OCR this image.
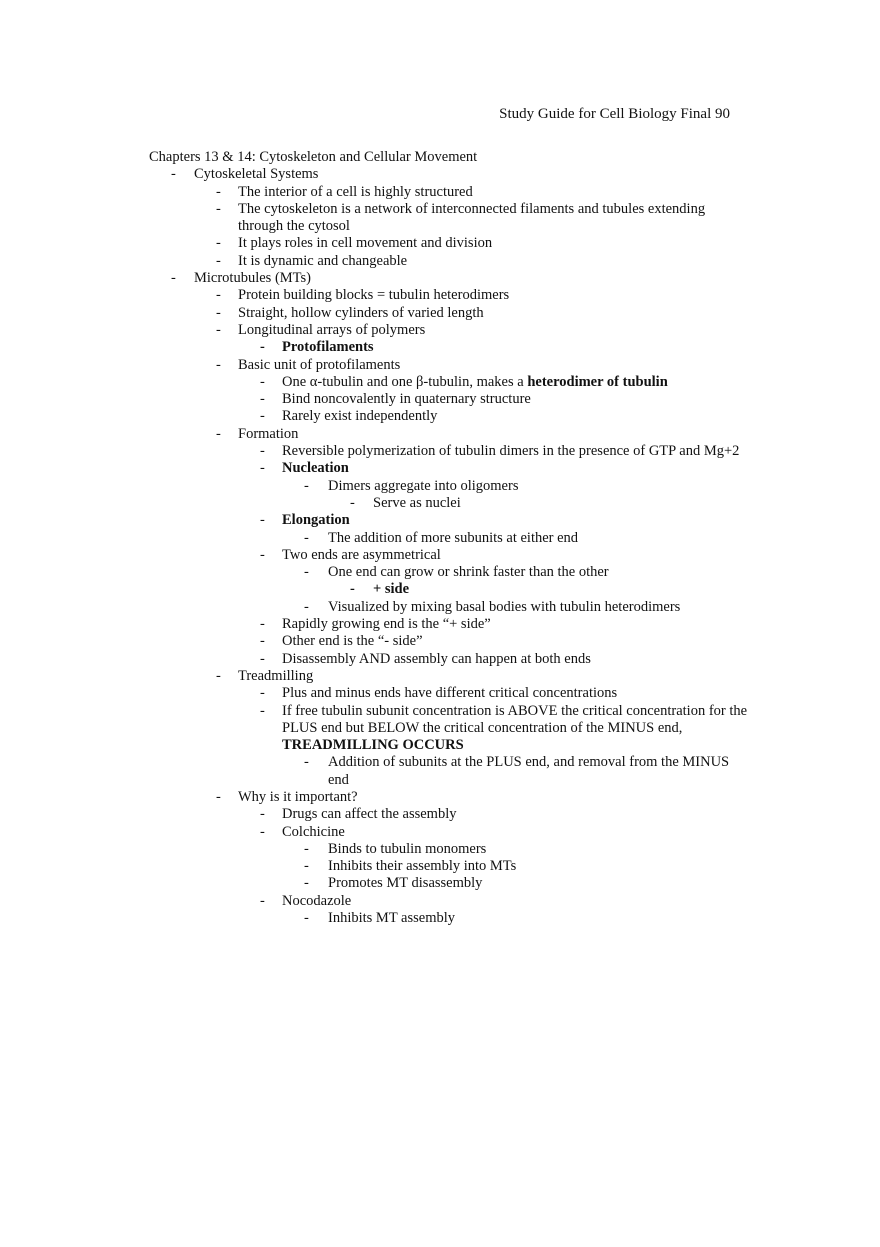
Study Guide for Cell Biology Final 90

Chapters 13 & 14: Cytoskeleton and Cellular Movement

- Cytoskeletal Systems
- The interior of a cell is highly structured
- The cytoskeleton is a network of interconnected filaments and tubules extending through the cytosol
- It plays roles in cell movement and division
- It is dynamic and changeable
- Microtubules (MTs)
- Protein building blocks = tubulin heterodimers
- Straight, hollow cylinders of varied length
- Longitudinal arrays of polymers
- Protofilaments
- Basic unit of protofilaments
- One α-tubulin and one β-tubulin, makes a heterodimer of tubulin
- Bind noncovalently in quaternary structure
- Rarely exist independently
- Formation
- Reversible polymerization of tubulin dimers in the presence of GTP and Mg+2
- Nucleation
- Dimers aggregate into oligomers
- Serve as nuclei
- Elongation
- The addition of more subunits at either end
- Two ends are asymmetrical
- One end can grow or shrink faster than the other
- + side
- Visualized by mixing basal bodies with tubulin heterodimers
- Rapidly growing end is the “+ side”
- Other end is the “- side”
- Disassembly AND assembly can happen at both ends
- Treadmilling
- Plus and minus ends have different critical concentrations
- If free tubulin subunit concentration is ABOVE the critical concentration for the PLUS end but BELOW the critical concentration of the MINUS end, TREADMILLING OCCURS
- Addition of subunits at the PLUS end, and removal from the MINUS end
- Why is it important?
- Drugs can affect the assembly
- Colchicine
- Binds to tubulin monomers
- Inhibits their assembly into MTs
- Promotes MT disassembly
- Nocodazole
- Inhibits MT assembly
